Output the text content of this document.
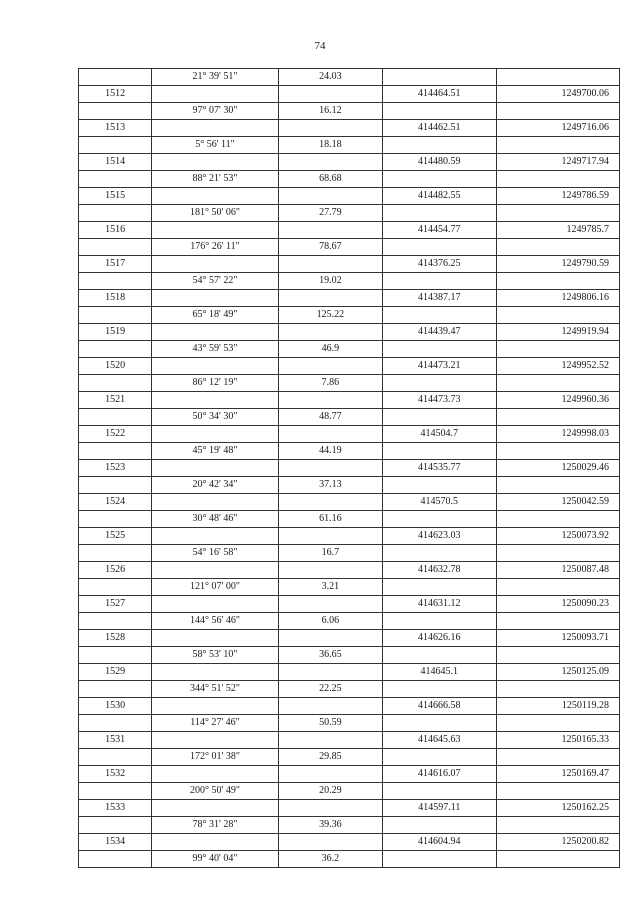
74
	21° 39' 51"	24.03		
1512			414464.51	1249700.06
	97° 07' 30"	16.12		
1513			414462.51	1249716.06
	5° 56' 11"	18.18		
1514			414480.59	1249717.94
	88° 21' 53"	68.68		
1515			414482.55	1249786.59
	181° 50' 06"	27.79		
1516			414454.77	1249785.7
	176° 26' 11"	78.67		
1517			414376.25	1249790.59
	54° 57' 22"	19.02		
1518			414387.17	1249806.16
	65° 18' 49"	125.22		
1519			414439.47	1249919.94
	43° 59' 53"	46.9		
1520			414473.21	1249952.52
	86° 12' 19"	7.86		
1521			414473.73	1249960.36
	50° 34' 30"	48.77		
1522			414504.7	1249998.03
	45° 19' 48"	44.19		
1523			414535.77	1250029.46
	20° 42' 34"	37.13		
1524			414570.5	1250042.59
	30° 48' 46"	61.16		
1525			414623.03	1250073.92
	54° 16' 58"	16.7		
1526			414632.78	1250087.48
	121° 07' 00"	3.21		
1527			414631.12	1250090.23
	144° 56' 46"	6.06		
1528			414626.16	1250093.71
	58° 53' 10"	36.65		
1529			414645.1	1250125.09
	344° 51' 52"	22.25		
1530			414666.58	1250119.28
	114° 27' 46"	50.59		
1531			414645.63	1250165.33
	172° 01' 38"	29.85		
1532			414616.07	1250169.47
	200° 50' 49"	20.29		
1533			414597.11	1250162.25
	78° 31' 28"	39.36		
1534			414604.94	1250200.82
	99° 40' 04"	36.2		
